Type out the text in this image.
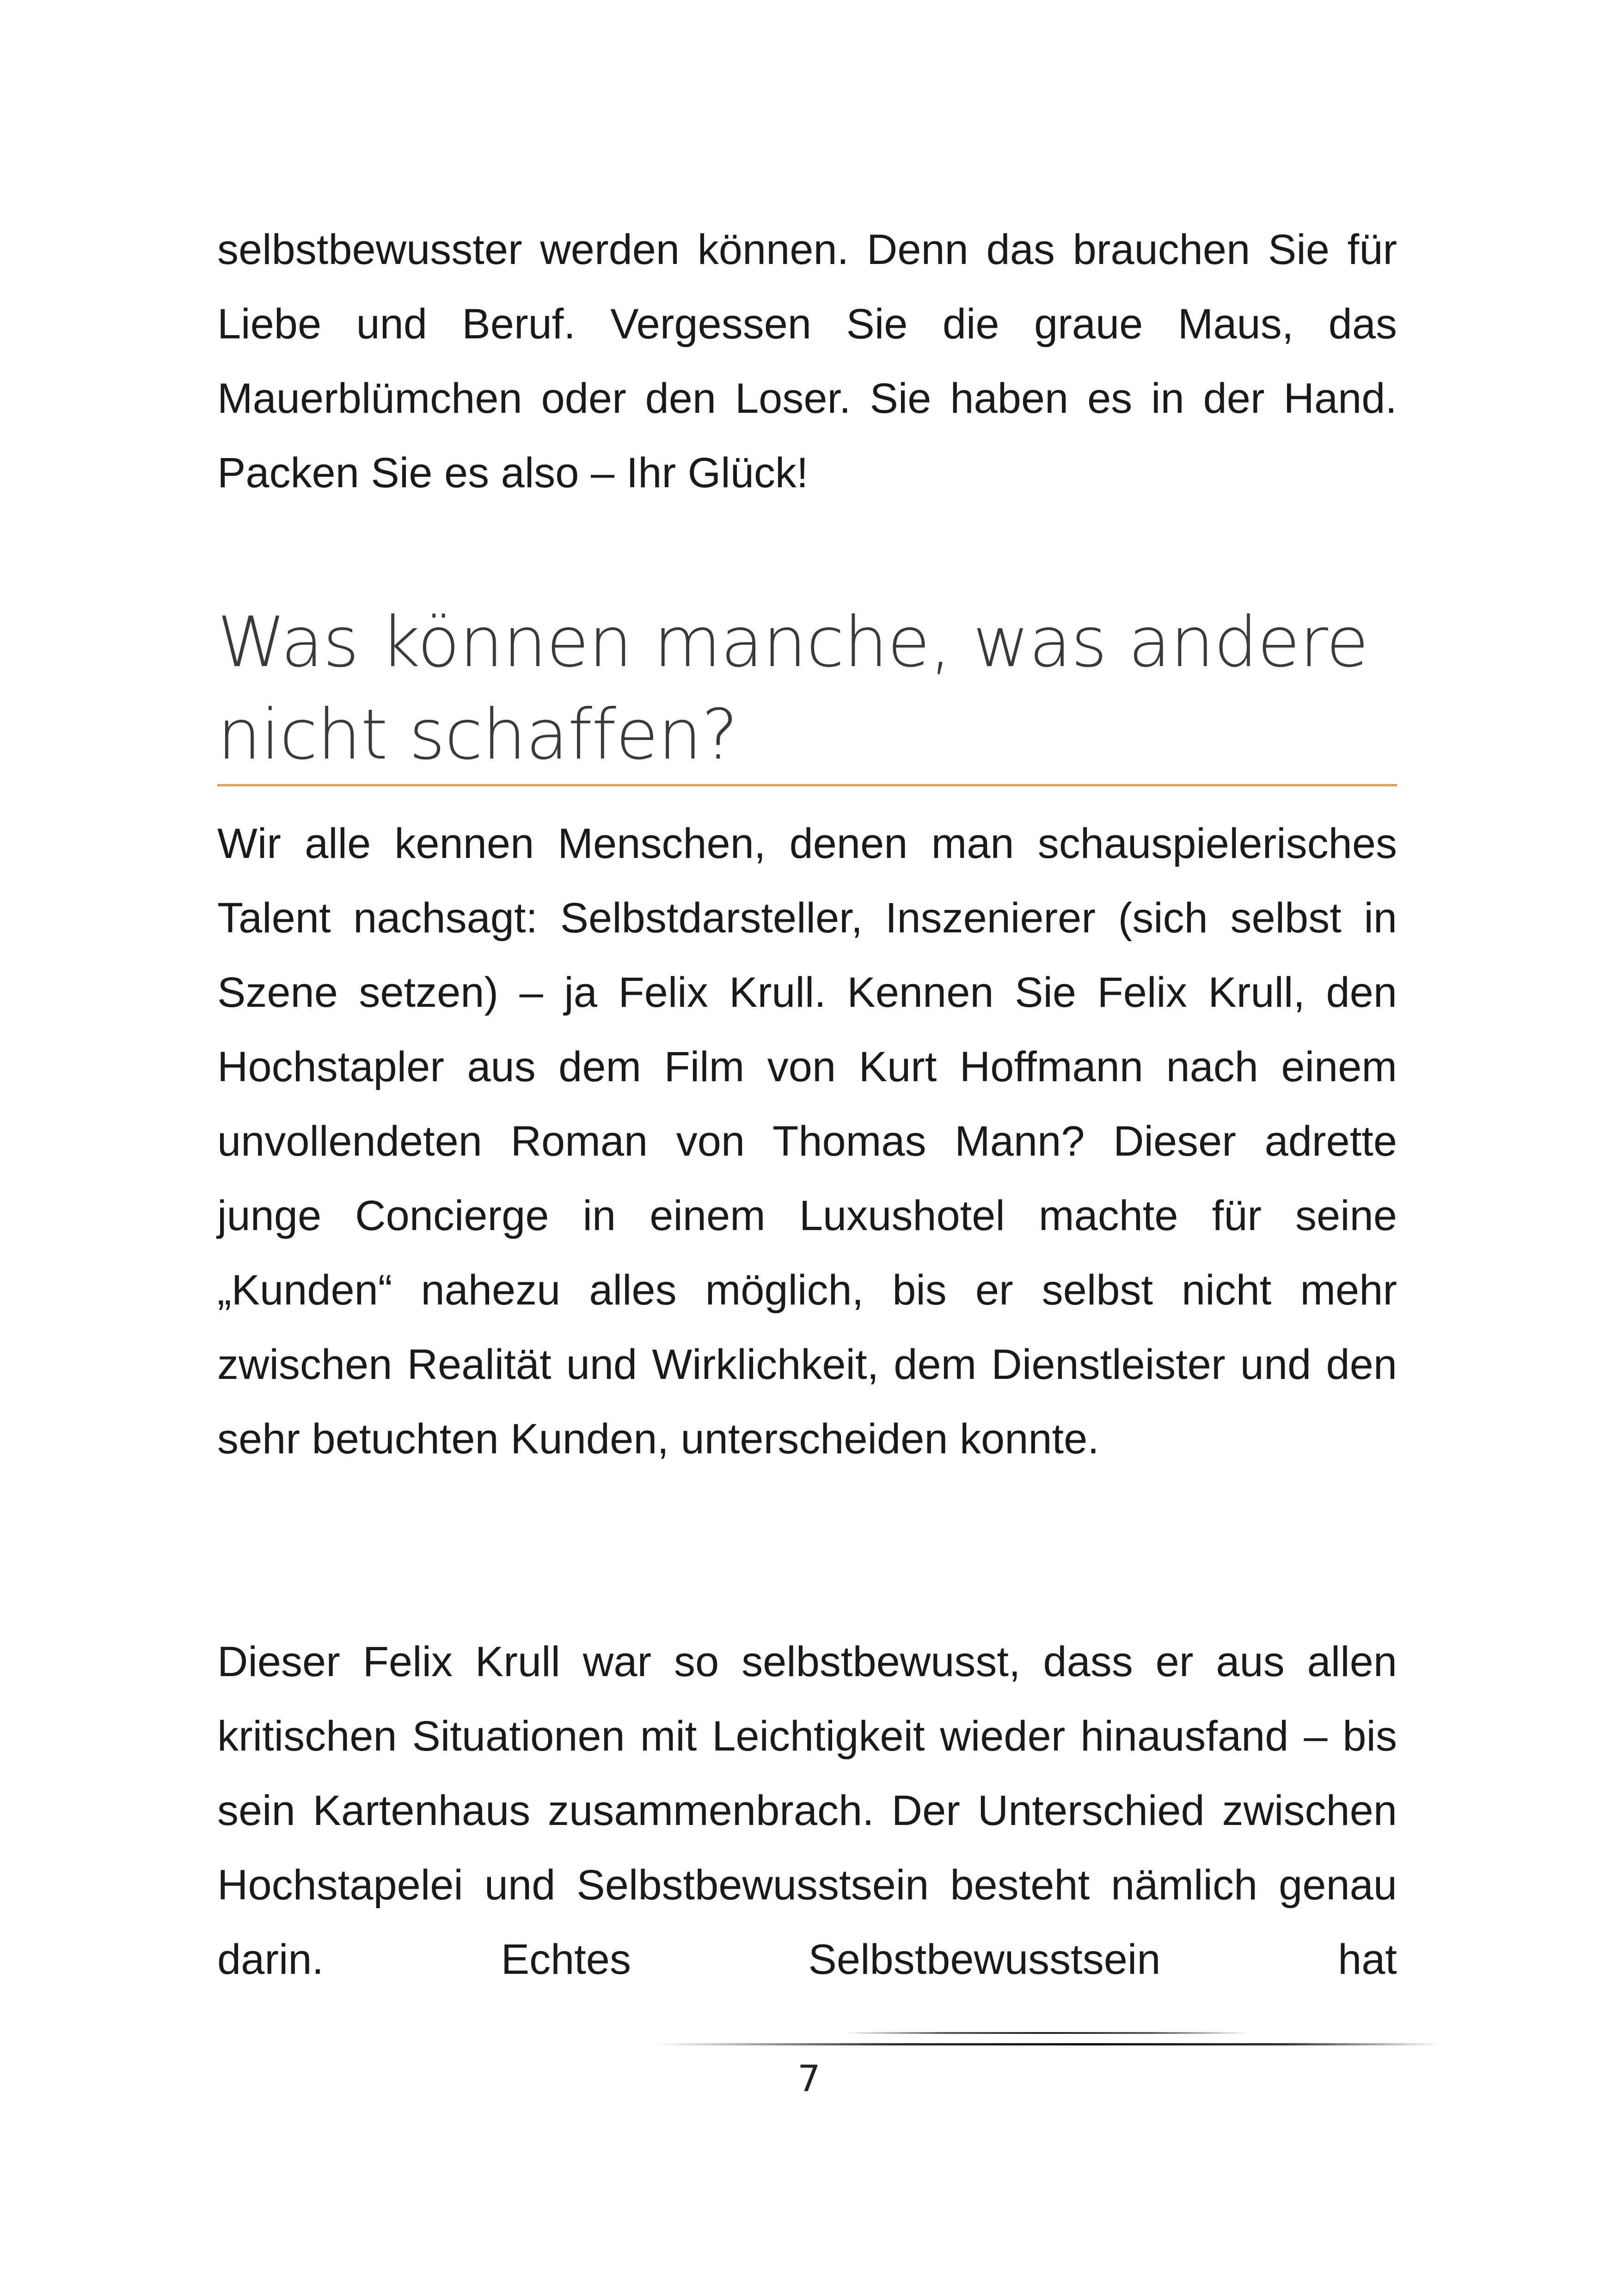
selbstbewusster werden können. Denn das brauchen Sie für Liebe und Beruf. Vergessen Sie die graue Maus, das Mauerblümchen oder den Loser. Sie haben es in der Hand. Packen Sie es also – Ihr Glück!

Was können manche, was andere
nicht schaffen?

Wir alle kennen Menschen, denen man schauspielerisches Talent nachsagt: Selbstdarsteller, Inszenierer (sich selbst in Szene setzen) – ja Felix Krull. Kennen Sie Felix Krull, den Hochstapler aus dem Film von Kurt Hoffmann nach einem unvollendeten Roman von Thomas Mann? Dieser adrette junge Concierge in einem Luxushotel machte für seine „Kunden“ nahezu alles möglich, bis er selbst nicht mehr zwischen Realität und Wirklichkeit, dem Dienstleister und den sehr betuchten Kunden, unterscheiden konnte.

Dieser Felix Krull war so selbstbewusst, dass er aus allen kritischen Situationen mit Leichtigkeit wieder hinausfand – bis sein Kartenhaus zusammenbrach. Der Unterschied zwischen Hochstapelei und Selbstbewusstsein besteht nämlich genau darin. Echtes Selbstbewusstsein hat

7
